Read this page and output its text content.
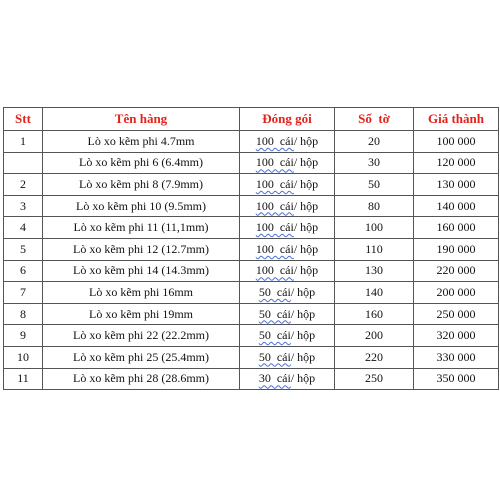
Stt	Tên hàng	Đóng gói	Số  tờ	Giá thành
1	Lò xo kẽm phi 4.7mm	100  cái/ hộp	20	100 000
	Lò xo kẽm phi 6 (6.4mm)	100  cái/ hộp	30	120 000
2	Lò xo kẽm phi 8 (7.9mm)	100  cái/ hộp	50	130 000
3	Lò xo kẽm phi 10 (9.5mm)	100  cái/ hộp	80	140 000
4	Lò xo kẽm phi 11 (11,1mm)	100  cái/ hộp	100	160 000
5	Lò xo kẽm phi 12 (12.7mm)	100  cái/ hộp	110	190 000
6	Lò xo kẽm phi 14 (14.3mm)	100  cái/ hộp	130	220 000
7	Lò xo kẽm phi 16mm	50  cái/ hộp	140	200 000
8	Lò xo kẽm phi 19mm	50  cái/ hộp	160	250 000
9	Lò xo kẽm phi 22 (22.2mm)	50  cái/ hộp	200	320 000
10	Lò xo kẽm phi 25 (25.4mm)	50  cái/ hộp	220	330 000
11	Lò xo kẽm phi 28 (28.6mm)	30  cái/ hộp	250	350 000
